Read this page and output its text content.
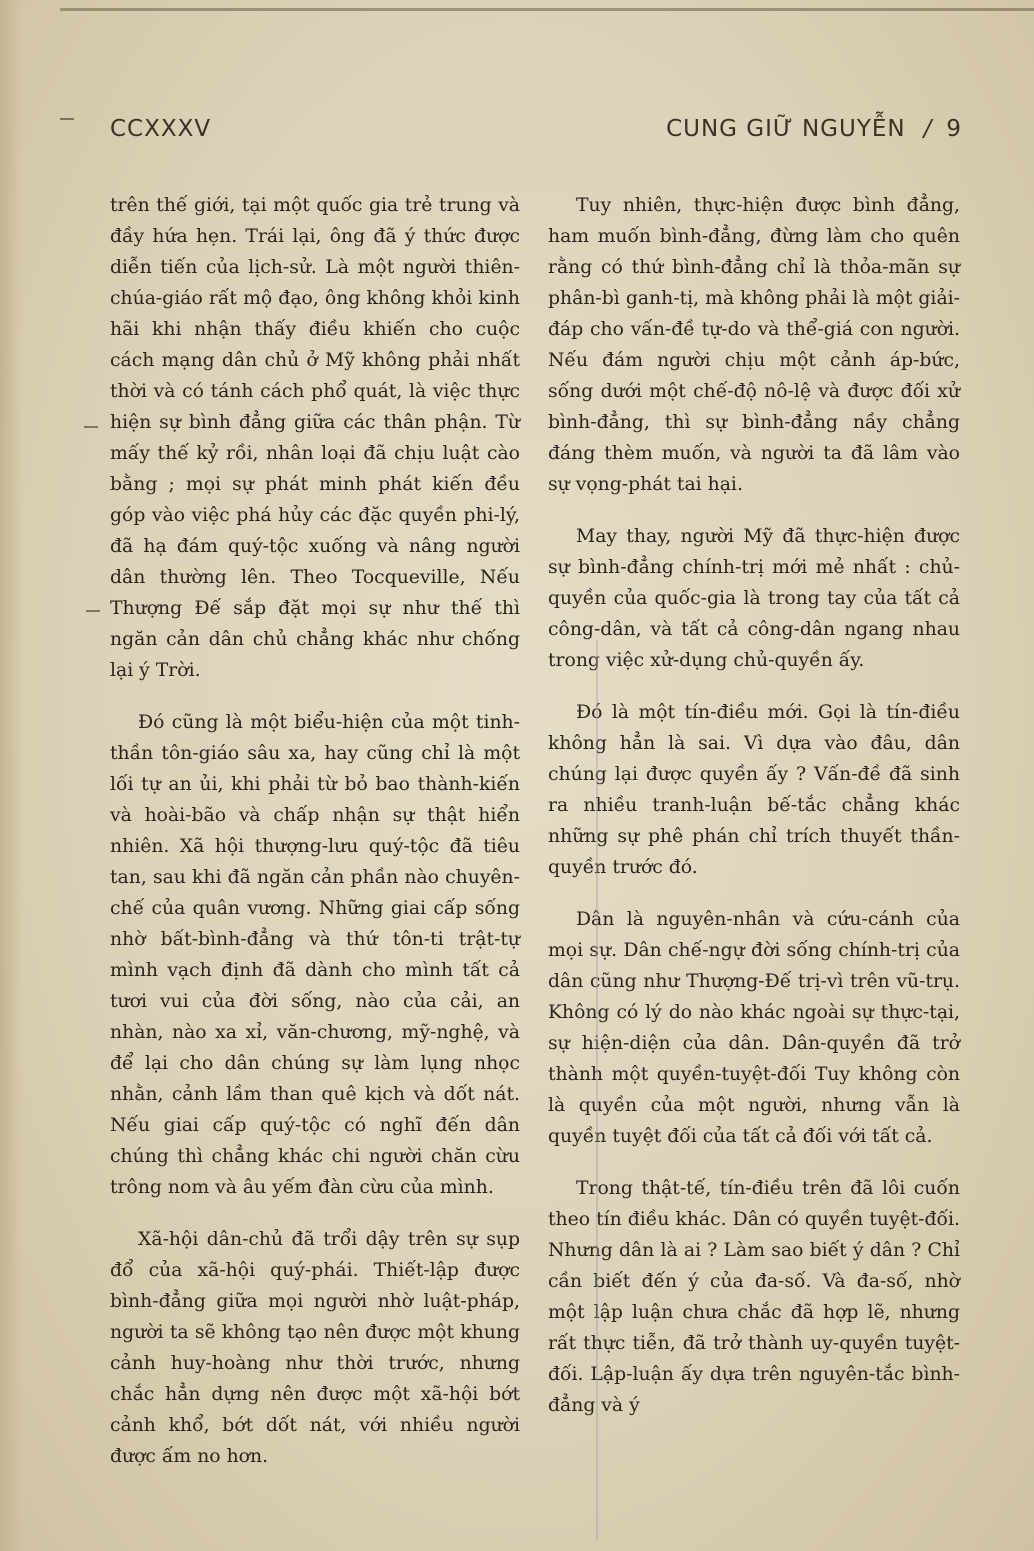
CCXXXV	CUNG GIỮ NGUYỄN / 9

trên thế giới, tại một quốc gia trẻ trung và đầy hứa hẹn. Trái lại, ông đã ý thức được diễn tiến của lịch-sử. Là một người thiên-chúa-giáo rất mộ đạo, ông không khỏi kinh hãi khi nhận thấy điều khiến cho cuộc cách mạng dân chủ ở Mỹ không phải nhất thời và có tánh cách phổ quát, là việc thực hiện sự bình đẳng giữa các thân phận. Từ mấy thế kỷ rồi, nhân loại đã chịu luật cào bằng ; mọi sự phát minh phát kiến đều góp vào việc phá hủy các đặc quyền phi-lý, đã hạ đám quý-tộc xuống và nâng người dân thường lên. Theo Tocqueville, Nếu Thượng Đế sắp đặt mọi sự như thế thì ngăn cản dân chủ chẳng khác như chống lại ý Trời.

Đó cũng là một biểu-hiện của một tinh-thần tôn-giáo sâu xa, hay cũng chỉ là một lối tự an ủi, khi phải từ bỏ bao thành-kiến và hoài-bão và chấp nhận sự thật hiển nhiên. Xã hội thượng-lưu quý-tộc đã tiêu tan, sau khi đã ngăn cản phần nào chuyên-chế của quân vương. Những giai cấp sống nhờ bất-bình-đẳng và thứ tôn-ti trật-tự mình vạch định đã dành cho mình tất cả tươi vui của đời sống, nào của cải, an nhàn, nào xa xỉ, văn-chương, mỹ-nghệ, và để lại cho dân chúng sự làm lụng nhọc nhằn, cảnh lầm than quê kịch và dốt nát. Nếu giai cấp quý-tộc có nghĩ đến dân chúng thì chẳng khác chi người chăn cừu trông nom và âu yếm đàn cừu của mình.

Xã-hội dân-chủ đã trổi dậy trên sự sụp đổ của xã-hội quý-phái. Thiết-lập được bình-đẳng giữa mọi người nhờ luật-pháp, người ta sẽ không tạo nên được một khung cảnh huy-hoàng như thời trước, nhưng chắc hẳn dựng nên được một xã-hội bớt cảnh khổ, bớt dốt nát, với nhiều người được ấm no hơn.

Tuy nhiên, thực-hiện được bình đẳng, ham muốn bình-đẳng, đừng làm cho quên rằng có thứ bình-đẳng chỉ là thỏa-mãn sự phân-bì ganh-tị, mà không phải là một giải-đáp cho vấn-đề tự-do và thể-giá con người. Nếu đám người chịu một cảnh áp-bức, sống dưới một chế-độ nô-lệ và được đối xử bình-đẳng, thì sự bình-đẳng nầy chẳng đáng thèm muốn, và người ta đã lâm vào sự vọng-phát tai hại.

May thay, người Mỹ đã thực-hiện được sự bình-đẳng chính-trị mới mẻ nhất : chủ-quyền của quốc-gia là trong tay của tất cả công-dân, và tất cả công-dân ngang nhau trong việc xử-dụng chủ-quyền ấy.

Đó là một tín-điều mới. Gọi là tín-điều không hẳn là sai. Vì dựa vào đâu, dân chúng lại được quyền ấy ? Vấn-đề đã sinh ra nhiều tranh-luận bế-tắc chẳng khác những sự phê phán chỉ trích thuyết thần-quyền trước đó.

Dân là nguyên-nhân và cứu-cánh của mọi sự. Dân chế-ngự đời sống chính-trị của dân cũng như Thượng-Đế trị-vì trên vũ-trụ. Không có lý do nào khác ngoài sự thực-tại, sự hiện-diện của dân. Dân-quyền đã trở thành một quyền-tuyệt-đối Tuy không còn là quyền của một người, nhưng vẫn là quyền tuyệt đối của tất cả đối với tất cả.

Trong thật-tế, tín-điều trên đã lôi cuốn theo tín điều khác. Dân có quyền tuyệt-đối. Nhưng dân là ai ? Làm sao biết ý dân ? Chỉ cần biết đến ý của đa-số. Và đa-số, nhờ một lập luận chưa chắc đã hợp lẽ, nhưng rất thực tiễn, đã trở thành uy-quyền tuyệt-đối. Lập-luận ấy dựa trên nguyên-tắc bình-đẳng và ý
